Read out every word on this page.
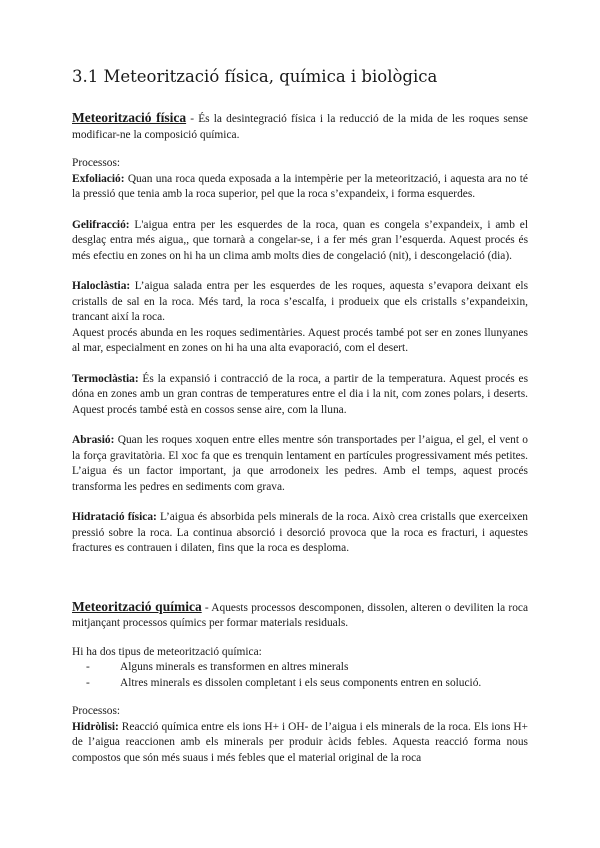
3.1 Meteorització física, química i biològica

Meteorització física - És la desintegració física i la reducció de la mida de les roques sense modificar-ne la composició química.

Processos:

Exfoliació: Quan una roca queda exposada a la intempèrie per la meteorització, i aquesta ara no té la pressió que tenia amb la roca superior, pel que la roca s’expandeix, i forma esquerdes.

Gelifracció: L'aigua entra per les esquerdes de la roca, quan es congela s’expandeix, i amb el desglaç entra més aigua,, que tornarà a congelar-se, i a fer més gran l’esquerda. Aquest procés és més efectiu en zones on hi ha un clima amb molts dies de congelació (nit), i descongelació (dia).

Haloclàstia: L’aigua salada entra per les esquerdes de les roques, aquesta s’evapora deixant els cristalls de sal en la roca. Més tard, la roca s’escalfa, i produeix que els cristalls s’expandeixin, trancant així la roca.

Aquest procés abunda en les roques sedimentàries. Aquest procés també pot ser en zones llunyanes al mar, especialment en zones on hi ha una alta evaporació, com el desert.

Termoclàstia: És la expansió i contracció de la roca, a partir de la temperatura. Aquest procés es dóna en zones amb un gran contras de temperatures entre el dia i la nit, com zones polars, i deserts. Aquest procés també està en cossos sense aire, com la lluna.

Abrasió: Quan les roques xoquen entre elles mentre són transportades per l’aigua, el gel, el vent o la força gravitatòria. El xoc fa que es trenquin lentament en partícules progressivament més petites. L’aigua és un factor important, ja que arrodoneix les pedres. Amb el temps, aquest procés transforma les pedres en sediments com grava.

Hidratació física: L’aigua és absorbida pels minerals de la roca. Això crea cristalls que exerceixen pressió sobre la roca. La continua absorció i desorció provoca que la roca es fracturi, i aquestes fractures es contrauen i dilaten, fins que la roca es desploma.

Meteorització química - Aquests processos descomponen, dissolen, alteren o deviliten la roca mitjançant processos químics per formar materials residuals.

Hi ha dos tipus de meteorització química:

-	Alguns minerals es transformen en altres minerals
-	Altres minerals es dissolen completant i els seus components entren en solució.

Processos:

Hidròlisi: Reacció química entre els ions H+ i OH- de l’aigua i els minerals de la roca. Els ions H+ de l’aigua reaccionen amb els minerals per produir àcids febles. Aquesta reacció forma nous compostos que són més suaus i més febles que el material original de la roca
